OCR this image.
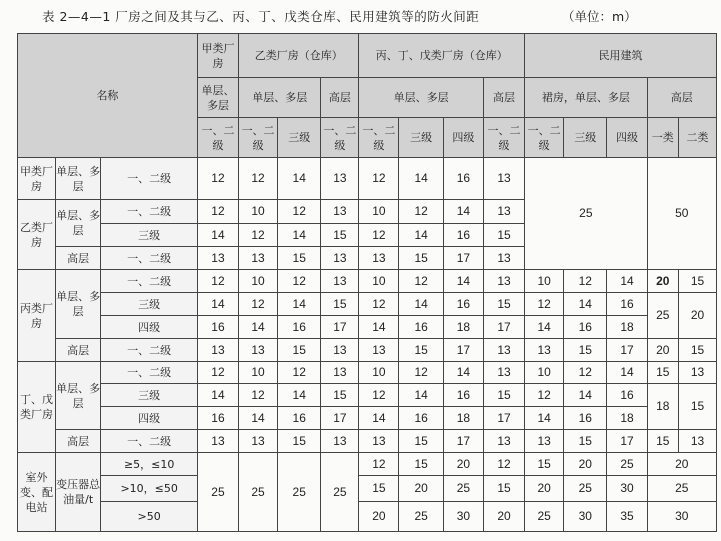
表 2—4—1 厂房之间及其与乙、丙、丁、戊类仓库、民用建筑等的防火间距	（单位：m）
名称			甲类厂房	乙类厂房（仓库）			丙、丁、戊类厂房（仓库）				民用建筑				
			单层、多层	单层、多层		高层	单层、多层			高层	裙房，单层、多层			高层	
			一、二级	一、二级	三级	一、二级	一、二级	三级	四级	一、二级	一、二级	三级	四级	一类	二类
甲类厂房	单层、多层	一、二级	12	12	14	13	12	14	16	13	25			50	
乙类厂房	单层、多层	一、二级	12	10	12	13	10	12	14	13					
		三级	14	12	14	15	12	14	16	15					
	高层	一、二级	13	13	15	13	13	15	17	13					
丙类厂房	单层、多层	一、二级	12	10	12	13	10	12	14	13	10	12	14	20	15
		三级	14	12	14	15	12	14	16	15	12	14	16	25	20
		四级	16	14	16	17	14	16	18	17	14	16	18		
	高层	一、二级	13	13	15	13	13	15	17	13	13	15	17	20	15
丁、戊类厂房	单层、多层	一、二级	12	10	12	13	10	12	14	13	10	12	14	15	13
		三级	14	12	14	15	12	14	16	15	12	14	16	18	15
		四级	16	14	16	17	14	16	18	17	14	16	18		
	高层	一、二级	13	13	15	13	13	15	17	13	13	15	17	15	13
室外变、配电站	变压器总油量/t	≥5，≤10	25	25	25	25	12	15	20	12	15	20	25	20	
		>10，≤50					15	20	25	15	20	25	30	25	
		>50					20	25	30	20	25	30	35	30	
